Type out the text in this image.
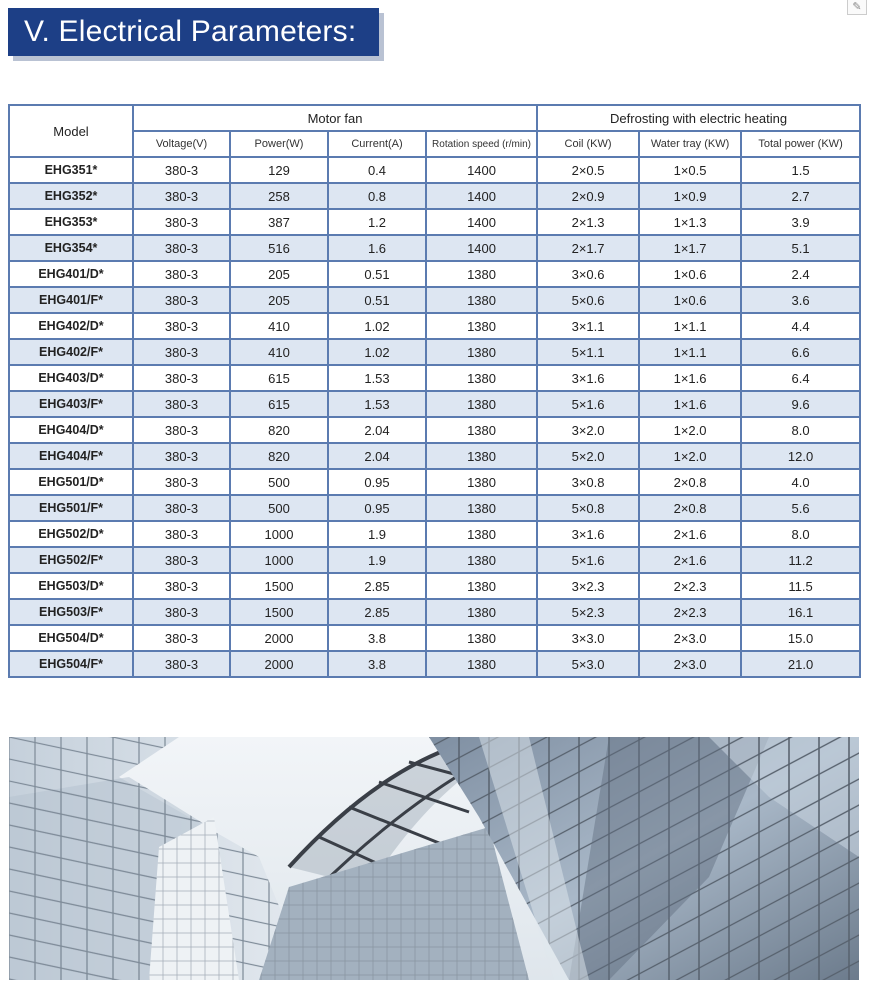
V. Electrical Parameters:
✎
Model	Motor fan				Defrosting with electric heating		
	Voltage(V)	Power(W)	Current(A)	Rotation speed (r/min)	Coil (KW)	Water tray (KW)	Total power (KW)
EHG351*	380-3	129	0.4	1400	2×0.5	1×0.5	1.5
EHG352*	380-3	258	0.8	1400	2×0.9	1×0.9	2.7
EHG353*	380-3	387	1.2	1400	2×1.3	1×1.3	3.9
EHG354*	380-3	516	1.6	1400	2×1.7	1×1.7	5.1
EHG401/D*	380-3	205	0.51	1380	3×0.6	1×0.6	2.4
EHG401/F*	380-3	205	0.51	1380	5×0.6	1×0.6	3.6
EHG402/D*	380-3	410	1.02	1380	3×1.1	1×1.1	4.4
EHG402/F*	380-3	410	1.02	1380	5×1.1	1×1.1	6.6
EHG403/D*	380-3	615	1.53	1380	3×1.6	1×1.6	6.4
EHG403/F*	380-3	615	1.53	1380	5×1.6	1×1.6	9.6
EHG404/D*	380-3	820	2.04	1380	3×2.0	1×2.0	8.0
EHG404/F*	380-3	820	2.04	1380	5×2.0	1×2.0	12.0
EHG501/D*	380-3	500	0.95	1380	3×0.8	2×0.8	4.0
EHG501/F*	380-3	500	0.95	1380	5×0.8	2×0.8	5.6
EHG502/D*	380-3	1000	1.9	1380	3×1.6	2×1.6	8.0
EHG502/F*	380-3	1000	1.9	1380	5×1.6	2×1.6	11.2
EHG503/D*	380-3	1500	2.85	1380	3×2.3	2×2.3	11.5
EHG503/F*	380-3	1500	2.85	1380	5×2.3	2×2.3	16.1
EHG504/D*	380-3	2000	3.8	1380	3×3.0	2×3.0	15.0
EHG504/F*	380-3	2000	3.8	1380	5×3.0	2×3.0	21.0
